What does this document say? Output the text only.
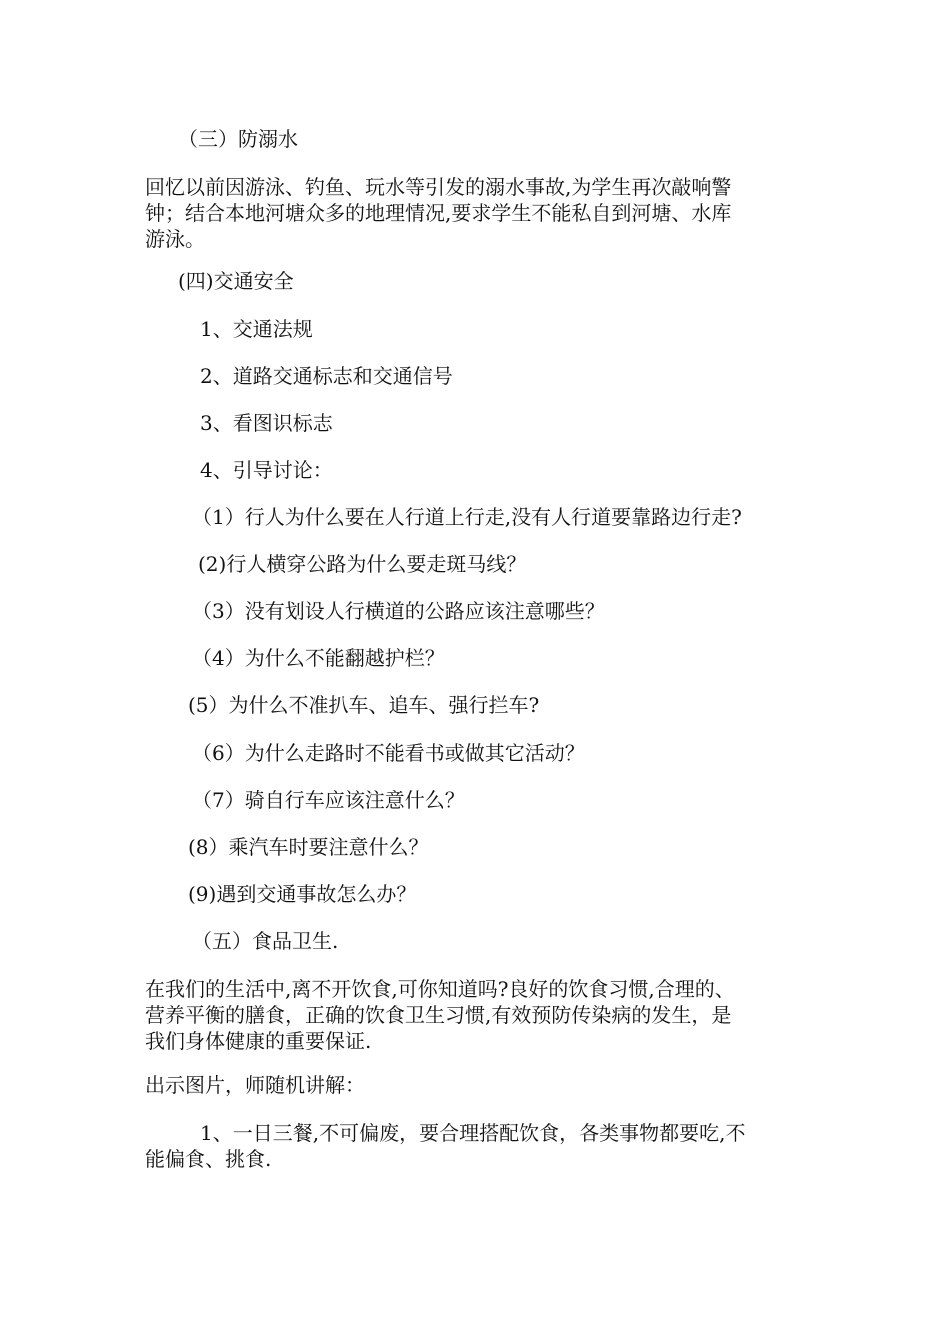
（三）防溺水
回忆以前因游泳、钓鱼、玩水等引发的溺水事故,为学生再次敲响警
钟；结合本地河塘众多的地理情况,要求学生不能私自到河塘、水库
游泳。
(四)交通安全
1、交通法规
2、道路交通标志和交通信号
3、看图识标志
4、引导讨论：
（1）行人为什么要在人行道上行走,没有人行道要靠路边行走?
(2)行人横穿公路为什么要走斑马线？
（3）没有划设人行横道的公路应该注意哪些？
（4）为什么不能翻越护栏？
(5）为什么不准扒车、追车、强行拦车?
（6）为什么走路时不能看书或做其它活动？
（7）骑自行车应该注意什么？
(8）乘汽车时要注意什么？
(9)遇到交通事故怎么办？
（五）食品卫生.
在我们的生活中,离不开饮食,可你知道吗?良好的饮食习惯,合理的、
营养平衡的膳食，正确的饮食卫生习惯,有效预防传染病的发生，是
我们身体健康的重要保证.
出示图片，师随机讲解：
1、一日三餐,不可偏废，要合理搭配饮食，各类事物都要吃,不
能偏食、挑食.
